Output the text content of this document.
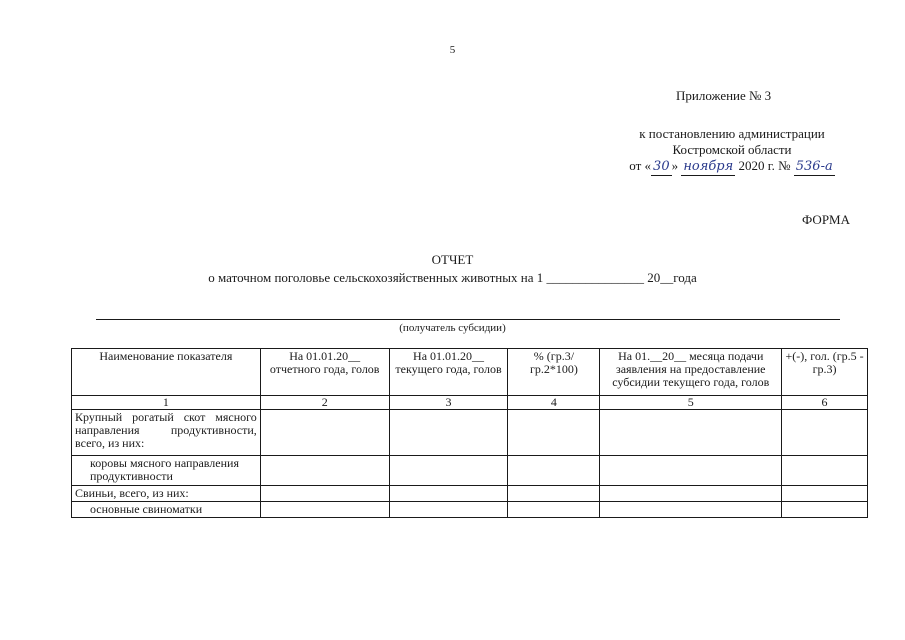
5
Приложение № 3
к постановлению администрации
Костромской области
от « 30 » ноября 2020 г. № 536-а
ФОРМА
ОТЧЕТ
о маточном поголовье сельскохозяйственных животных на 1 _______________ 20__года
(получатель субсидии)
Наименование показателя	На 01.01.20__ отчетного года, голов	На 01.01.20__ текущего года, голов	% (гр.3/гр.2*100)	На 01.__20__ месяца подачи заявления на предоставление субсидии текущего года, голов	+(-), гол. (гр.5 - гр.3)
1	2	3	4	5	6
Крупный рогатый скот мясного направления продуктивности, всего, из них:					
коровы мясного направления продуктивности					
Свиньи, всего, из них:					
основные свиноматки					
